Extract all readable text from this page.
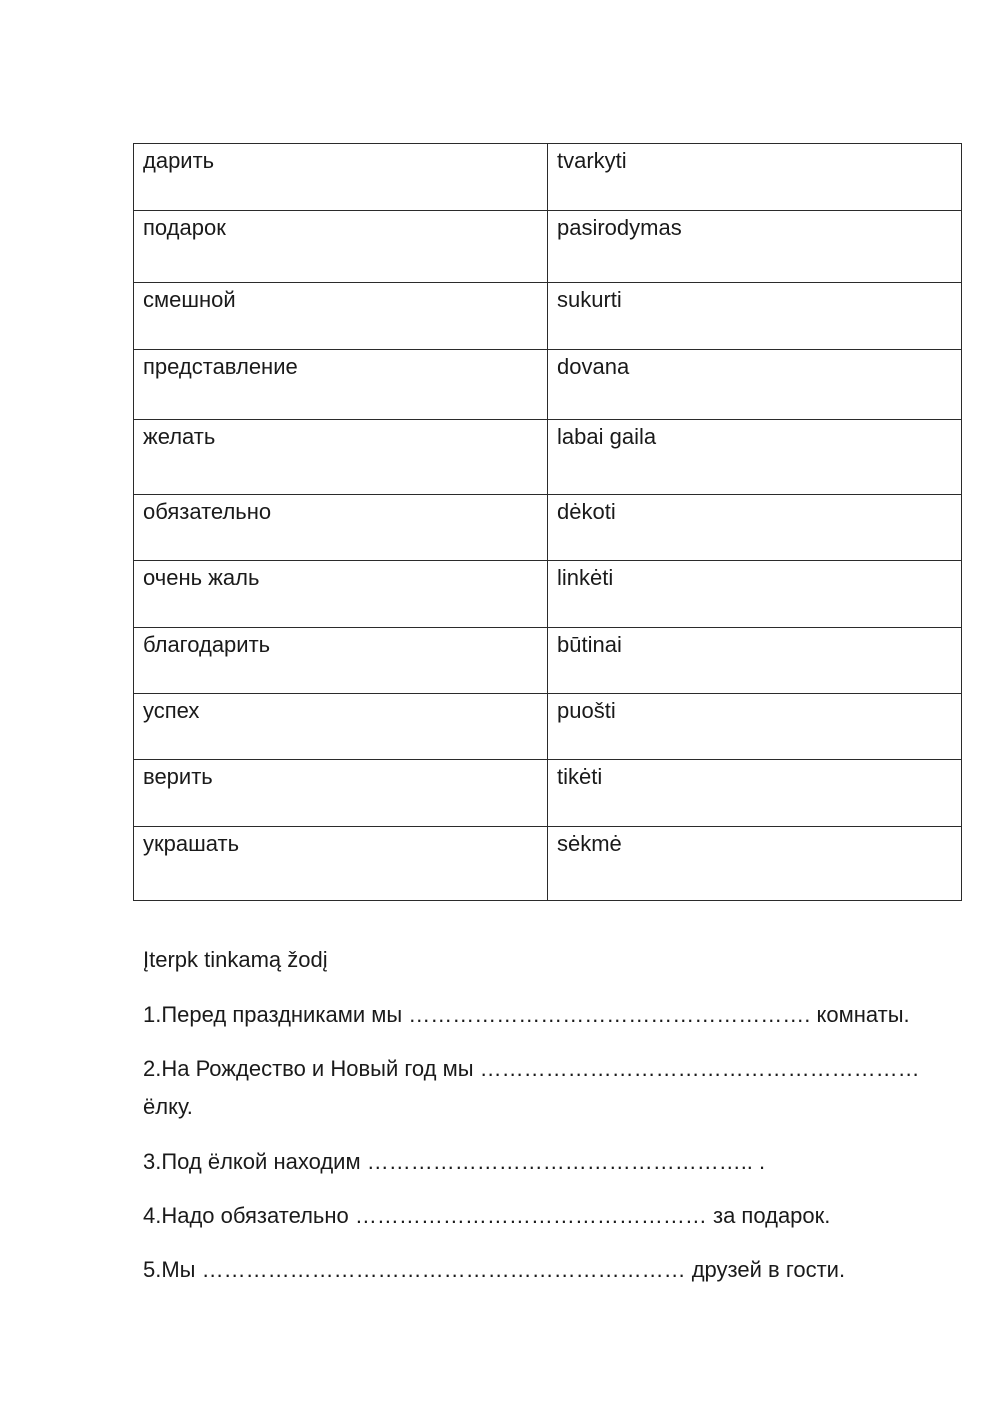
дарить	tvarkyti
подарок	pasirodymas
смешной	sukurti
представление	dovana
желать	labai gaila
обязательно	dėkoti
очень жаль	linkėti
благодарить	būtinai
успех	puošti
верить	tikėti
украшать	sėkmė
Įterpk tinkamą žodį
1.Перед праздниками мы ………………………………………………. комнаты.
2.На Рождество и Новый год мы …………………………………………………… ёлку.
3.Под ёлкой находим …………………………………………….. .
4.Надо обязательно ………………………………………… за подарок.
5.Мы ………………………………………………………… друзей в гости.
